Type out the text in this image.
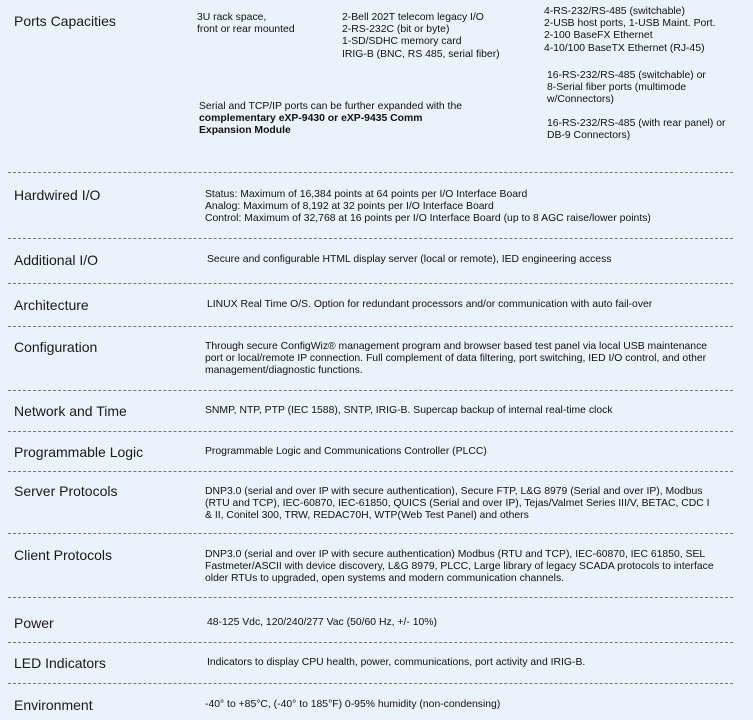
Ports Capacities	3U rack space,
front or rear mounted
2-Bell 202T telecom legacy I/O
2-RS-232C (bit or byte)
1-SD/SDHC memory card
IRIG-B (BNC, RS 485, serial fiber)
4-RS-232/RS-485 (switchable)
2-USB host ports, 1-USB Maint. Port.
2-100 BaseFX Ethernet
4-10/100 BaseTX Ethernet (RJ-45)
16-RS-232/RS-485 (switchable) or
8-Serial fiber ports (multimode
w/Connectors)
Serial and TCP/IP ports can be further expanded with the
complementary eXP-9430 or eXP-9435 Comm
Expansion Module
16-RS-232/RS-485 (with rear panel) or
DB-9 Connectors)
Hardwired I/O	Status: Maximum of 16,384 points at 64 points per I/O Interface Board
Analog: Maximum of 8,192 at 32 points per I/O Interface Board
Control: Maximum of 32,768 at 16 points per I/O Interface Board (up to 8 AGC raise/lower points)
Additional I/O	Secure and configurable HTML display server (local or remote), IED engineering access
Architecture	LINUX Real Time O/S. Option for redundant processors and/or communication with auto fail-over
Configuration	Through secure ConfigWiz® management program and browser based test panel via local USB maintenance
port or local/remote IP connection. Full complement of data filtering, port switching, IED I/O control, and other
management/diagnostic functions.
Network and Time	SNMP, NTP, PTP (IEC 1588), SNTP, IRIG-B. Supercap backup of internal real-time clock
Programmable Logic	Programmable Logic and Communications Controller (PLCC)
Server Protocols	DNP3.0 (serial and over IP with secure authentication), Secure FTP, L&G 8979 (Serial and over IP), Modbus
(RTU and TCP), IEC-60870, IEC-61850, QUICS (Serial and over IP), Tejas/Valmet Series III/V, BETAC, CDC I
& II, Conitel 300, TRW, REDAC70H, WTP(Web Test Panel) and others
Client Protocols	DNP3.0 (serial and over IP with secure authentication) Modbus (RTU and TCP), IEC-60870, IEC 61850, SEL
Fastmeter/ASCII with device discovery, L&G 8979, PLCC, Large library of legacy SCADA protocols to interface
older RTUs to upgraded, open systems and modern communication channels.
Power	48-125 Vdc, 120/240/277 Vac (50/60 Hz, +/- 10%)
LED Indicators	Indicators to display CPU health, power, communications, port activity and IRIG-B.
Environment	-40° to +85°C, (-40° to 185°F) 0-95% humidity (non-condensing)
